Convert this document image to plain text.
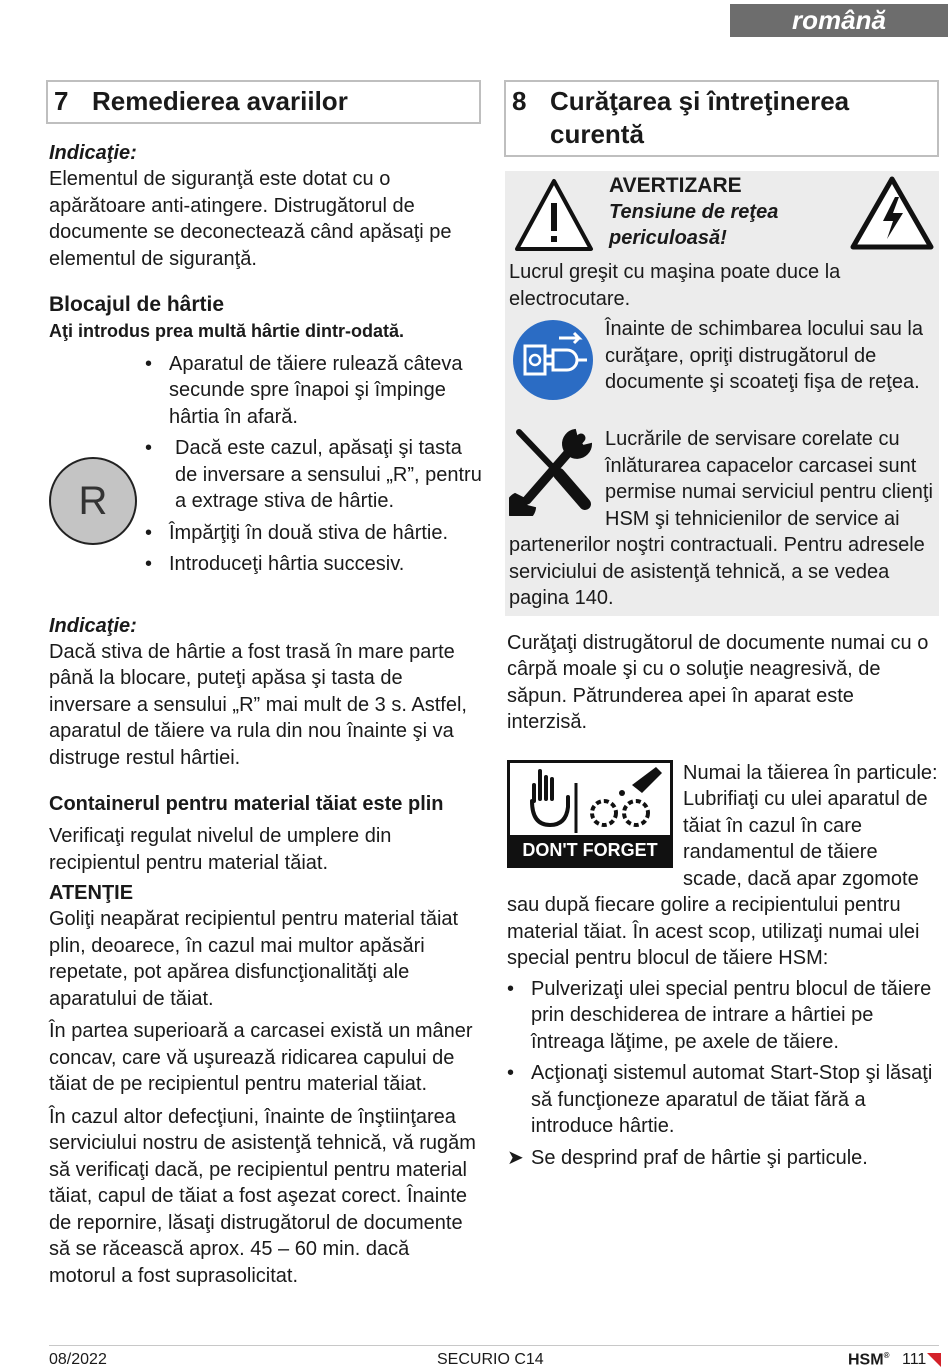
română
7 Remedierea avariilor

Indicaţie:

Elementul de siguranţă este dotat cu o apărătoare anti-atingere. Distrugătorul de documente se deconectează când apăsaţi pe elementul de siguranţă.

Blocajul de hârtie

Aţi introdus prea multă hârtie dintr-odată.

R
• Aparatul de tăiere rulează câteva secunde spre înapoi şi împinge hârtia în afară.
• Dacă este cazul, apăsaţi şi tasta de inversare a sensului „R”, pentru a extrage stiva de hârtie.
• Împărţiţi în două stiva de hârtie.
• Introduceţi hârtia succesiv.

Indicaţie:

Dacă stiva de hârtie a fost trasă în mare parte până la blocare, puteţi apăsa şi tasta de inversare a sensului „R” mai mult de 3 s. Astfel, aparatul de tăiere va rula din nou înainte şi va distruge restul hârtiei.

Containerul pentru material tăiat este plin

Verificaţi regulat nivelul de umplere din recipientul pentru material tăiat.

ATENŢIE

Goliţi neapărat recipientul pentru material tăiat plin, deoarece, în cazul mai multor apăsări repetate, pot apărea disfuncţionalităţi ale aparatului de tăiat.

În partea superioară a carcasei există un mâner concav, care vă uşurează ridicarea capului de tăiat de pe recipientul pentru material tăiat.

În cazul altor defecţiuni, înainte de înştiinţarea serviciului nostru de asistenţă tehnică, vă rugăm să verificaţi dacă, pe recipientul pentru material tăiat, capul de tăiat a fost aşezat corect. Înainte de repornire, lăsaţi distrugătorul de documente să se răcească aprox. 45 – 60 min. dacă motorul a fost suprasolicitat.

8 Curăţarea şi întreţinerea
curentă
AVERTIZARE
Tensiune de reţea
periculoasă!

Lucrul greşit cu maşina poate duce la electrocutare.

Înainte de schimbarea locului sau la curăţare, opriţi distrugătorul de documente şi scoateţi fişa de reţea.

Lucrările de servisare corelate cu înlăturarea capacelor carcasei sunt permise numai serviciul pentru clienţi HSM şi tehnicienilor de service ai partenerilor noştri contractuali. Pentru adresele serviciului de asistenţă tehnică, a se vedea pagina 140.

Curăţaţi distrugătorul de documente numai cu o cârpă moale şi cu o soluţie neagresivă, de săpun. Pătrunderea apei în aparat este interzisă.

DON'T FORGET

Numai la tăierea în particule: Lubrifiaţi cu ulei aparatul de tăiat în cazul în care randamentul de tăiere scade, dacă apar zgomote sau după fiecare golire a recipientului pentru material tăiat. În acest scop, utilizaţi numai ulei special pentru blocul de tăiere HSM:

• Pulverizaţi ulei special pentru blocul de tăiere prin deschiderea de intrare a hârtiei pe întreaga lăţime, pe axele de tăiere.
• Acţionaţi sistemul automat Start-Stop şi lăsaţi să funcţioneze aparatul de tăiat fără a introduce hârtie.
➤ Se desprind praf de hârtie şi particule.
08/2022	SECURIO C14	HSM® 111
